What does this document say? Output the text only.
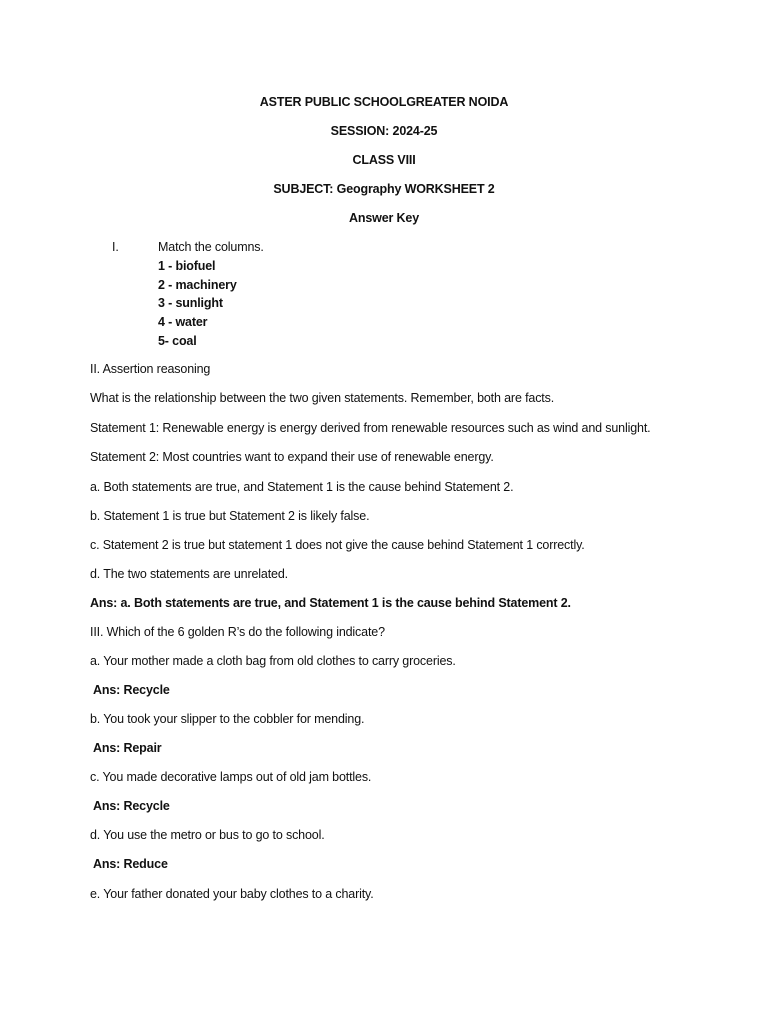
ASTER PUBLIC SCHOOLGREATER NOIDA
SESSION: 2024-25
CLASS VIII
SUBJECT: Geography WORKSHEET 2
Answer Key
I.	Match the columns.
1 - biofuel
2 - machinery
3 - sunlight
4 - water
5- coal
II. Assertion reasoning
What is the relationship between the two given statements. Remember, both are facts.
Statement 1: Renewable energy is energy derived from renewable resources such as wind and sunlight.
Statement 2: Most countries want to expand their use of renewable energy.
a. Both statements are true, and Statement 1 is the cause behind Statement 2.
b. Statement 1 is true but Statement 2 is likely false.
c. Statement 2 is true but statement 1 does not give the cause behind Statement 1 correctly.
d. The two statements are unrelated.
Ans: a. Both statements are true, and Statement 1 is the cause behind Statement 2.
III. Which of the 6 golden R’s do the following indicate?
a. Your mother made a cloth bag from old clothes to carry groceries.
Ans: Recycle
b. You took your slipper to the cobbler for mending.
Ans: Repair
c. You made decorative lamps out of old jam bottles.
Ans: Recycle
d. You use the metro or bus to go to school.
Ans: Reduce
e. Your father donated your baby clothes to a charity.
